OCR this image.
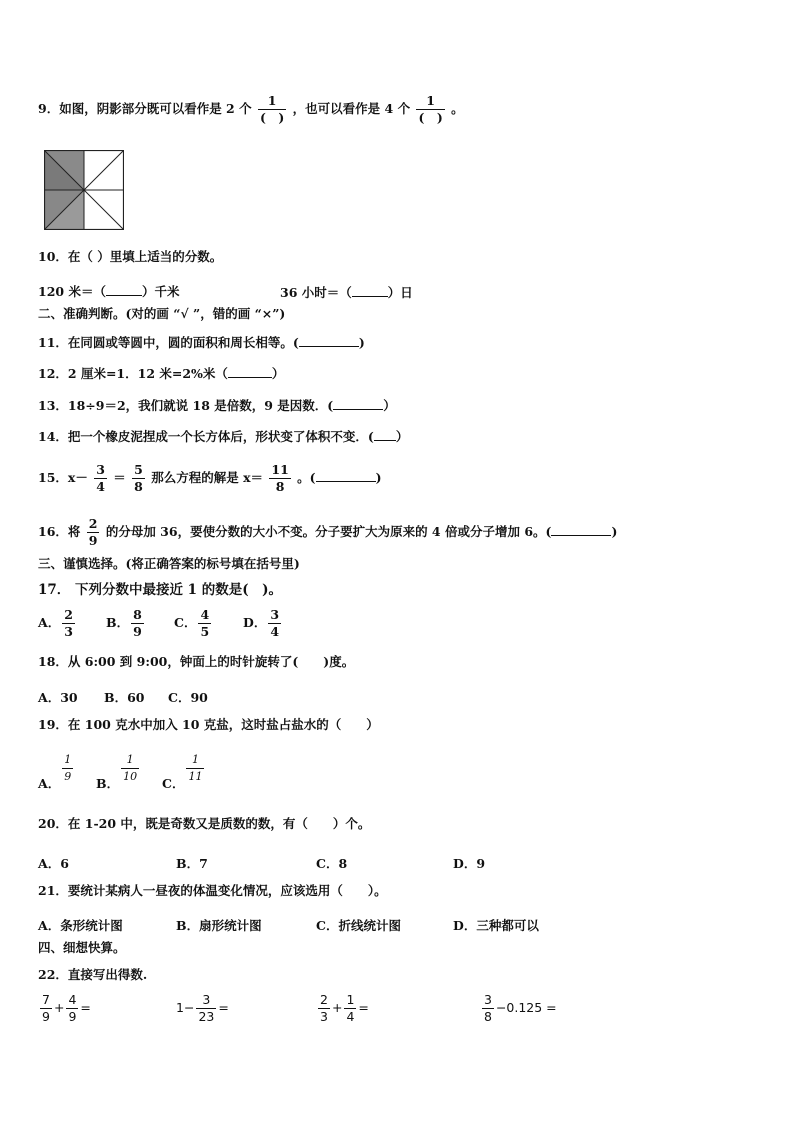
9．如图，阴影部分既可以看作是 2 个 $\frac{1}{( )}$ ，也可以看作是 4 个 $\frac{1}{( )}$ 。
10．在（ ）里填上适当的分数。
120 米＝（	）千米	36 小时＝（	）日
二、准确判断。(对的画 “√ ”，错的画 “×”)
11．在同圆或等圆中，圆的面积和周长相等。(	)
12．2 厘米=1．12 米=2%米（	）
13．18÷9＝2，我们就说 18 是倍数，9 是因数．(	）
14．把一个橡皮泥捏成一个长方体后，形状变了体积不变．( ）
15．$x- \frac{3}{4} = \frac{5}{8}$ 那么方程的解是 $x= \frac{11}{8}$ 。(	)
16．将 $\frac{2}{9}$ 的分母加 36，要使分数的大小不变。分子要扩大为原来的 4 倍或分子增加 6。(	)
三、谨慎选择。(将正确答案的标号填在括号里)
17． 下列分数中最接近 1 的数是(　)。
A． $\frac{2}{3}$ B． $\frac{8}{9}$ C． $\frac{4}{5}$	D． $\frac{3}{4}$
18．从 6:00 到 9:00，钟面上的时针旋转了(　　)度。
A．30 B．60 C．90
19．在 100 克水中加入 10 克盐，这时盐占盐水的（　　）
A． $\frac{1}{9}$ B． $\frac{1}{10}$ C． $\frac{1}{11}$
20．在 1-20 中，既是奇数又是质数的数，有（　　）个。
A．6	B．7	C．8	D．9
21．要统计某病人一昼夜的体温变化情况，应该选用（　　）。
A．条形统计图	B．扇形统计图	C．折线统计图	D．三种都可以
四、细想快算。
22．直接写出得数.
$\frac{7}{9} + \frac{4}{9}$ =	$1- \frac{3}{23}$ =	$\frac{2}{3} + \frac{1}{4}$ =	$\frac{3}{8} -0.125$ =
